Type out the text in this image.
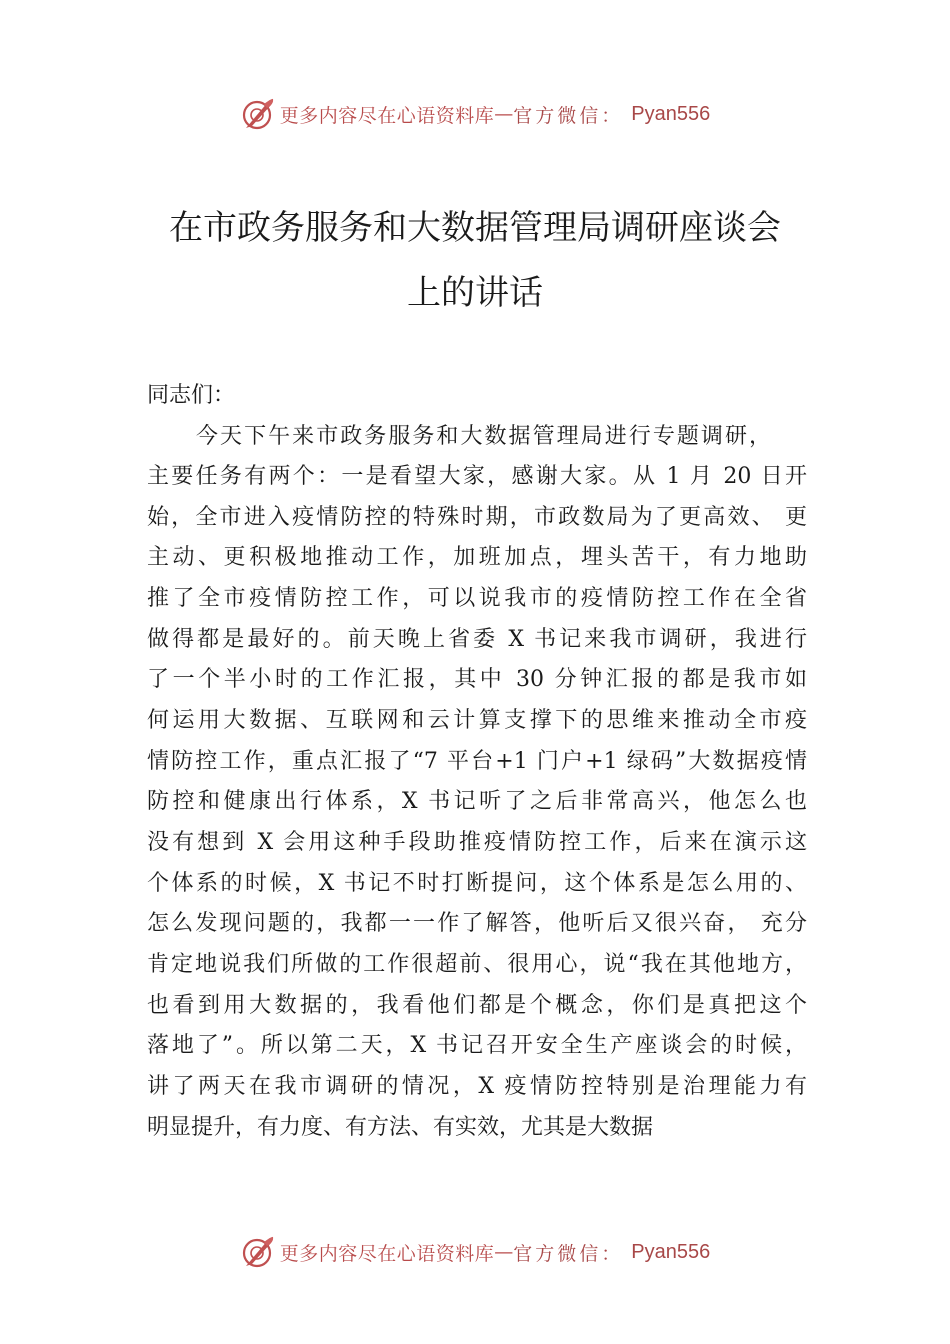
更多内容尽在心语资料库 — 官方微信： Pyan556
在市政务服务和大数据管理局调研座谈会
上的讲话
同志们：
今天下午来市政务服务和大数据管理局进行专题调研，
主要任务有两个：一是看望大家，感谢大家。从 1 月 20 日开
始，全市进入疫情防控的特殊时期，市政数局为了更高效、 更
主动、更积极地推动工作，加班加点，埋头苦干，有力地助
推了全市疫情防控工作，可以说我市的疫情防控工作在全省
做得都是最好的。前天晚上省委 X 书记来我市调研，我进行
了一个半小时的工作汇报，其中 30 分钟汇报的都是我市如
何运用大数据、互联网和云计算支撑下的思维来推动全市疫
情防控工作，重点汇报了“7 平台+1 门户+1 绿码”大数据疫情
防控和健康出行体系，X 书记听了之后非常高兴，他怎么也
没有想到 X 会用这种手段助推疫情防控工作，后来在演示这
个体系的时候，X 书记不时打断提问，这个体系是怎么用的、
怎么发现问题的，我都一一作了解答，他听后又很兴奋， 充分
肯定地说我们所做的工作很超前、很用心，说“我在其他地方，
也看到用大数据的，我看他们都是个概念，你们是真把这个
落地了”。所以第二天，X 书记召开安全生产座谈会的时候，
讲了两天在我市调研的情况，X 疫情防控特别是治理能力有
明显提升，有力度、有方法、有实效，尤其是大数据
更多内容尽在心语资料库 — 官方微信： Pyan556
